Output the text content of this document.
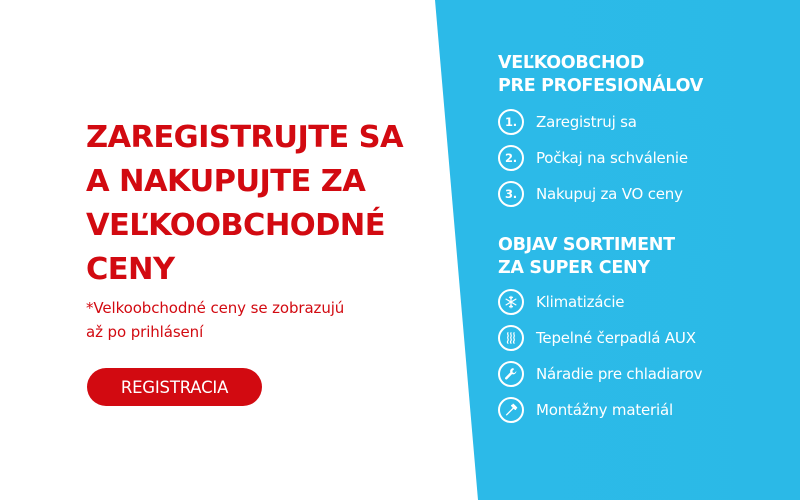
ZAREGISTRUJTE SA
A NAKUPUJTE ZA
VEĽKOOBCHODNÉ
CENY
*Velkoobchodné ceny se zobrazujú
až po prihlásení
REGISTRACIA
VEĽKOOBCHOD
PRE PROFESIONÁLOV
1.	Zaregistruj sa
2.	Počkaj na schválenie
3.	Nakupuj za VO ceny
OBJAV SORTIMENT
ZA SUPER CENY
Klimatizácie
Tepelné čerpadlá AUX
Náradie pre chladiarov
Montážny materiál
